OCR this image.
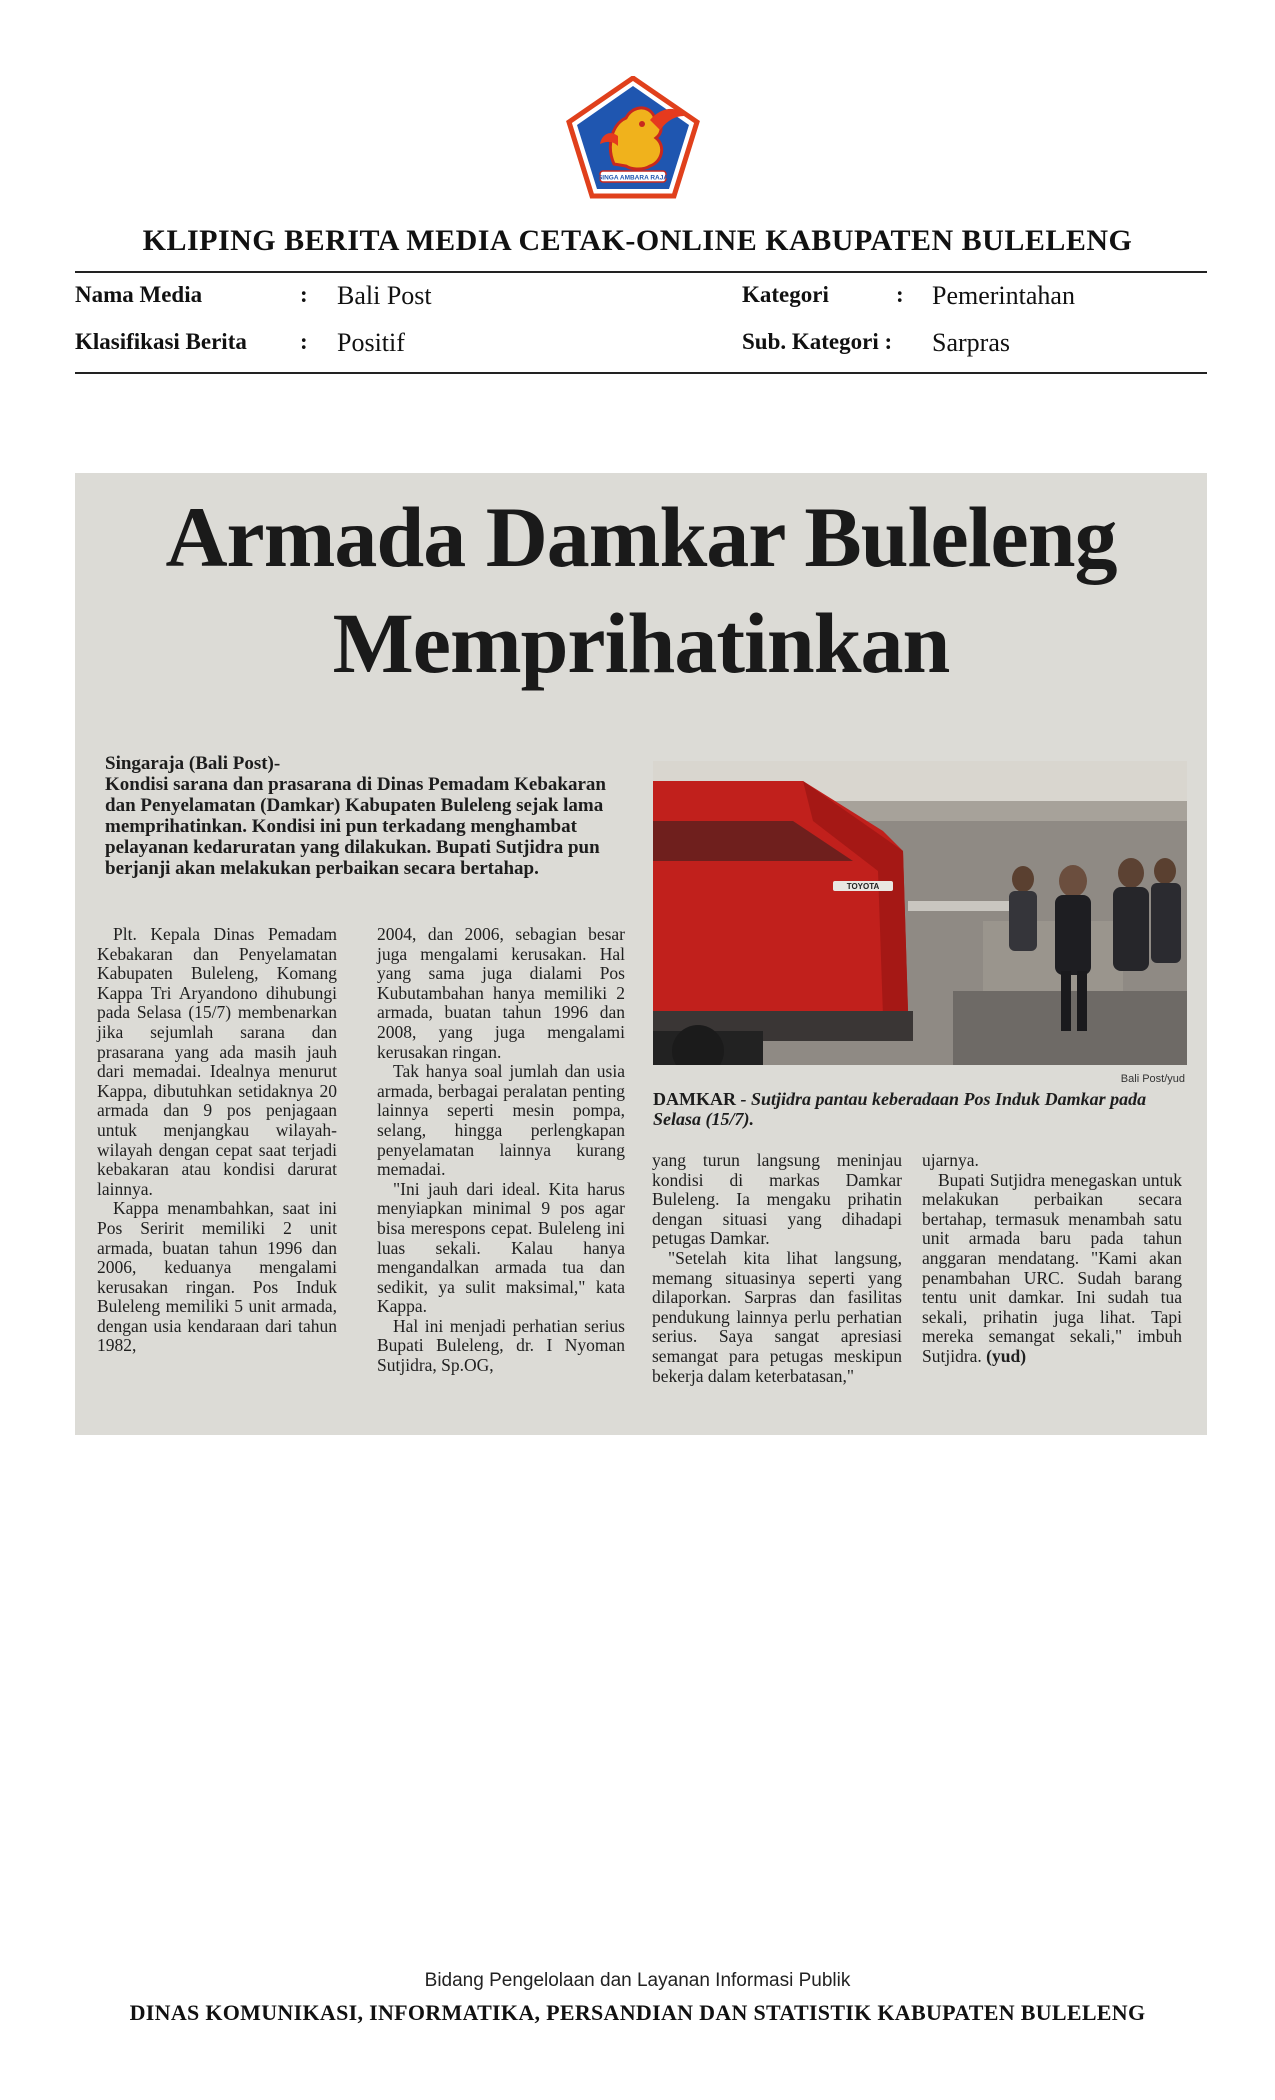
SINGA AMBARA RAJA
KLIPING BERITA MEDIA CETAK-ONLINE KABUPATEN BULELENG
Nama Media	: Bali Post	Kategori	: Pemerintahan
Klasifikasi Berita : Positif	Sub. Kategori : Sarpras
Armada Damkar Buleleng
Memprihatinkan
Singaraja (Bali Post)-
Kondisi sarana dan prasarana di Dinas Pemadam Kebakaran dan Penyelamatan (Damkar) Kabupaten Buleleng sejak lama memprihatinkan. Kondisi ini pun terkadang menghambat pelayanan kedaruratan yang dilakukan. Bupati Sutjidra pun berjanji akan melakukan perbaikan secara bertahap.
TOYOTA
Bali Post/yud
DAMKAR - Sutjidra pantau keberadaan Pos Induk Damkar pada Selasa (15/7).

Plt. Kepala Dinas Pemadam Kebakaran dan Penyelamatan Kabupaten Buleleng, Komang Kappa Tri Aryandono dihubungi pada Selasa (15/7) membenarkan jika sejumlah sarana dan prasarana yang ada masih jauh dari memadai. Idealnya menurut Kappa, dibutuhkan setidaknya 20 armada dan 9 pos penjagaan untuk menjangkau wilayah-wilayah dengan cepat saat terjadi kebakaran atau kondisi darurat lainnya.

Kappa menambahkan, saat ini Pos Seririt memiliki 2 unit armada, buatan tahun 1996 dan 2006, keduanya mengalami kerusakan ringan. Pos Induk Buleleng memiliki 5 unit armada, dengan usia kendaraan dari tahun 1982,

2004, dan 2006, sebagian besar juga mengalami kerusakan. Hal yang sama juga dialami Pos Kubutambahan hanya memiliki 2 armada, buatan tahun 1996 dan 2008, yang juga mengalami kerusakan ringan.

Tak hanya soal jumlah dan usia armada, berbagai peralatan penting lainnya seperti mesin pompa, selang, hingga perlengkapan penyelamatan lainnya kurang memadai.

"Ini jauh dari ideal. Kita harus menyiapkan minimal 9 pos agar bisa merespons cepat. Buleleng ini luas sekali. Kalau hanya mengandalkan armada tua dan sedikit, ya sulit maksimal," kata Kappa.

Hal ini menjadi perhatian serius Bupati Buleleng, dr. I Nyoman Sutjidra, Sp.OG,

yang turun langsung meninjau kondisi di markas Damkar Buleleng. Ia mengaku prihatin dengan situasi yang dihadapi petugas Damkar.

"Setelah kita lihat langsung, memang situasinya seperti yang dilaporkan. Sarpras dan fasilitas pendukung lainnya perlu perhatian serius. Saya sangat apresiasi semangat para petugas meskipun bekerja dalam keterbatasan,"

ujarnya.

Bupati Sutjidra menegaskan untuk melakukan perbaikan secara bertahap, termasuk menambah satu unit armada baru pada tahun anggaran mendatang. "Kami akan penambahan URC. Sudah barang tentu unit damkar. Ini sudah tua sekali, prihatin juga lihat. Tapi mereka semangat sekali," imbuh Sutjidra. (yud)

Bidang Pengelolaan dan Layanan Informasi Publik
DINAS KOMUNIKASI, INFORMATIKA, PERSANDIAN DAN STATISTIK KABUPATEN BULELENG
